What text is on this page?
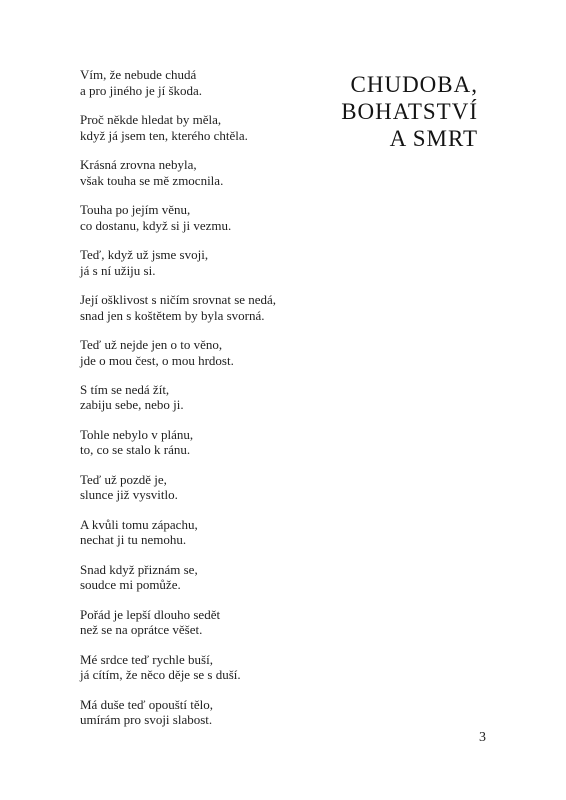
CHUDOBA,
BOHATSTVÍ
A SMRT
Vím, že nebude chudá
a pro jiného je jí škoda.
Proč někde hledat by měla,
když já jsem ten, kterého chtěla.
Krásná zrovna nebyla,
však touha se mě zmocnila.
Touha po jejím věnu,
co dostanu, když si ji vezmu.
Teď, když už jsme svoji,
já s ní užiju si.
Její ošklivost s ničím srovnat se nedá,
snad jen s koštětem by byla svorná.
Teď už nejde jen o to věno,
jde o mou čest, o mou hrdost.
S tím se nedá žít,
zabiju sebe, nebo ji.
Tohle nebylo v plánu,
to, co se stalo k ránu.
Teď už pozdě je,
slunce již vysvitlo.
A kvůli tomu zápachu,
nechat ji tu nemohu.
Snad když přiznám se,
soudce mi pomůže.
Pořád je lepší dlouho sedět
než se na oprátce věšet.
Mé srdce teď rychle buší,
já cítím, že něco děje se s duší.
Má duše teď opouští tělo,
umírám pro svoji slabost.
3
